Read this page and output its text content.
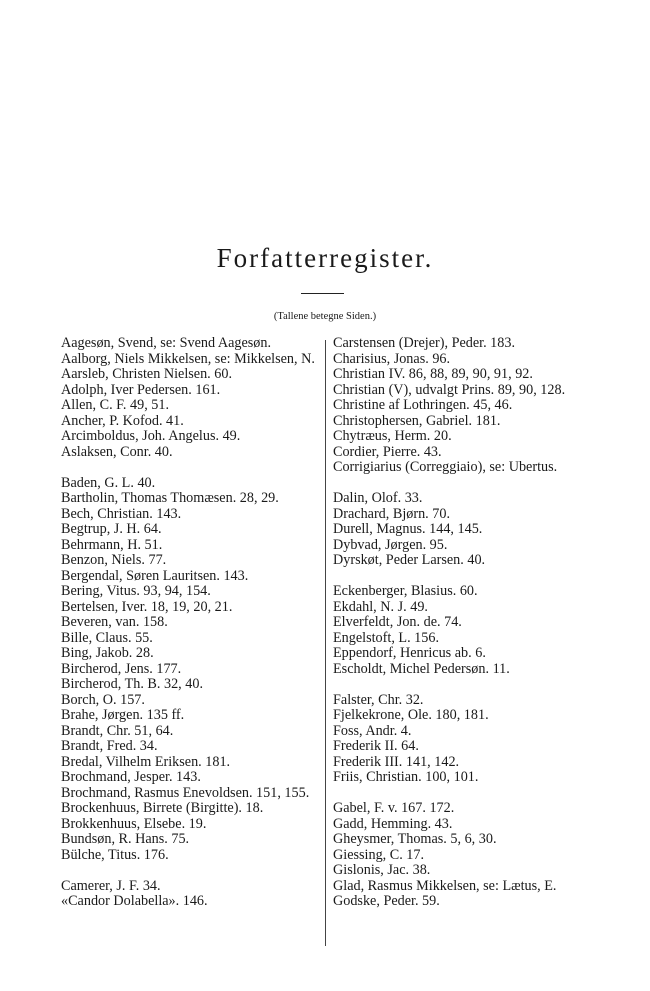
Forfatterregister.
(Tallene betegne Siden.)

Aagesøn, Svend, se: Svend Aagesøn.

Aalborg, Niels Mikkelsen, se: Mikkelsen, N.

Aarsleb, Christen Nielsen. 60.

Adolph, Iver Pedersen. 161.

Allen, C. F. 49, 51.

Ancher, P. Kofod. 41.

Arcimboldus, Joh. Angelus. 49.

Aslaksen, Conr. 40.

Baden, G. L. 40.

Bartholin, Thomas Thomæsen. 28, 29.

Bech, Christian. 143.

Begtrup, J. H. 64.

Behrmann, H. 51.

Benzon, Niels. 77.

Bergendal, Søren Lauritsen. 143.

Bering, Vitus. 93, 94, 154.

Bertelsen, Iver. 18, 19, 20, 21.

Beveren, van. 158.

Bille, Claus. 55.

Bing, Jakob. 28.

Bircherod, Jens. 177.

Bircherod, Th. B. 32, 40.

Borch, O. 157.

Brahe, Jørgen. 135 ff.

Brandt, Chr. 51, 64.

Brandt, Fred. 34.

Bredal, Vilhelm Eriksen. 181.

Brochmand, Jesper. 143.

Brochmand, Rasmus Enevoldsen. 151, 155.

Brockenhuus, Birrete (Birgitte). 18.

Brokkenhuus, Elsebe. 19.

Bundsøn, R. Hans. 75.

Bülche, Titus. 176.

Camerer, J. F. 34.

«Candor Dolabella». 146.

Carstensen (Drejer), Peder. 183.

Charisius, Jonas. 96.

Christian IV. 86, 88, 89, 90, 91, 92.

Christian (V), udvalgt Prins. 89, 90, 128.

Christine af Lothringen. 45, 46.

Christophersen, Gabriel. 181.

Chytræus, Herm. 20.

Cordier, Pierre. 43.

Corrigiarius (Correggiaio), se: Ubertus.

Dalin, Olof. 33.

Drachard, Bjørn. 70.

Durell, Magnus. 144, 145.

Dybvad, Jørgen. 95.

Dyrskøt, Peder Larsen. 40.

Eckenberger, Blasius. 60.

Ekdahl, N. J. 49.

Elverfeldt, Jon. de. 74.

Engelstoft, L. 156.

Eppendorf, Henricus ab. 6.

Escholdt, Michel Pedersøn. 11.

Falster, Chr. 32.

Fjelkekrone, Ole. 180, 181.

Foss, Andr. 4.

Frederik II. 64.

Frederik III. 141, 142.

Friis, Christian. 100, 101.

Gabel, F. v. 167. 172.

Gadd, Hemming. 43.

Gheysmer, Thomas. 5, 6, 30.

Giessing, C. 17.

Gislonis, Jac. 38.

Glad, Rasmus Mikkelsen, se: Lætus, E.

Godske, Peder. 59.
